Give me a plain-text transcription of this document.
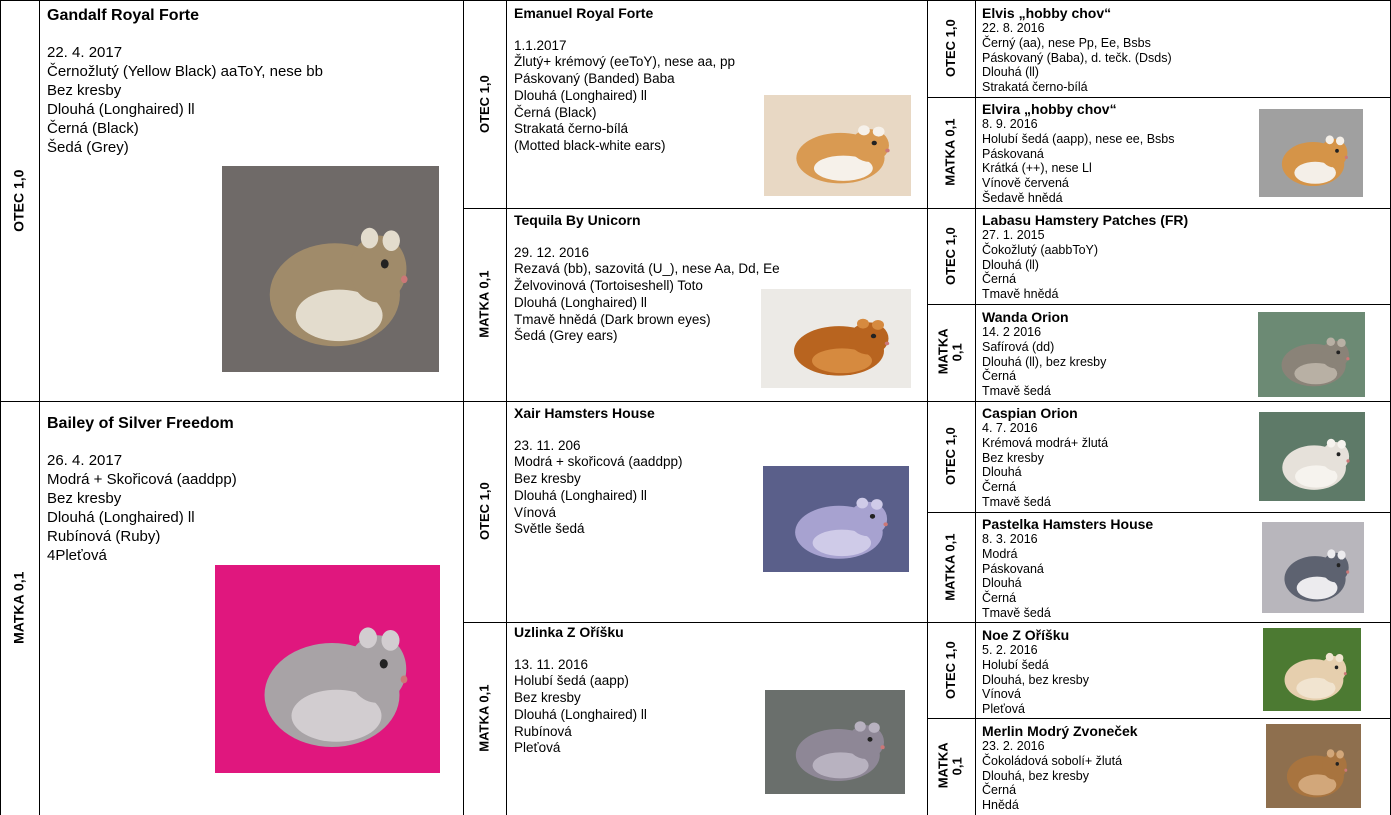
OTEC 1,0
MATKA 0,1
Gandalf Royal Forte
22. 4. 2017
Černožlutý (Yellow Black) aaToY, nese bb
Bez kresby
Dlouhá (Longhaired) ll
Černá (Black)
Šedá (Grey)
Bailey of Silver Freedom
26. 4. 2017
Modrá + Skořicová (aaddpp)
Bez kresby
Dlouhá (Longhaired) ll
Rubínová (Ruby)
4Pleťová
OTEC 1,0
MATKA 0,1
OTEC 1,0
MATKA 0,1
Emanuel Royal Forte
1.1.2017
Žlutý+ krémový (eeToY), nese aa, pp
Páskovaný (Banded) Baba
Dlouhá (Longhaired) ll
Černá (Black)
Strakatá černo-bílá
(Motted black-white ears)
Tequila By Unicorn
29. 12. 2016
Rezavá (bb), sazovitá (U_), nese Aa, Dd, Ee
Želvovinová (Tortoiseshell) Toto
Dlouhá (Longhaired) ll
Tmavě hnědá (Dark brown eyes)
Šedá (Grey ears)
Xair Hamsters House
23. 11. 206
Modrá + skořicová (aaddpp)
Bez kresby
Dlouhá (Longhaired) ll
Vínová
Světle šedá
Uzlinka Z Oříšku
13. 11. 2016
Holubí šedá (aapp)
Bez kresby
Dlouhá (Longhaired) ll
Rubínová
Pleťová
OTEC 1,0
MATKA 0,1
OTEC 1,0
MATKA 0,1
OTEC 1,0
MATKA 0,1
OTEC 1,0
MATKA 0,1
Elvis „hobby chov“
22. 8. 2016
Černý (aa), nese Pp, Ee, Bsbs
Páskovaný (Baba), d. tečk. (Dsds)
Dlouhá (ll)
Strakatá černo-bílá
Elvira „hobby chov“
8. 9. 2016
Holubí šedá (aapp), nese ee, Bsbs
Páskovaná
Krátká (++), nese Ll
Vínově červená
Šedavě hnědá
Labasu Hamstery Patches (FR)
27. 1. 2015
Čokožlutý (aabbToY)
Dlouhá (ll)
Černá
Tmavě hnědá
Wanda Orion
14. 2 2016
Safírová (dd)
Dlouhá (ll), bez kresby
Černá
Tmavě šedá
Caspian Orion
4. 7. 2016
Krémová modrá+ žlutá
Bez kresby
Dlouhá
Černá
Tmavě šedá
Pastelka Hamsters House
8. 3. 2016
Modrá
Páskovaná
Dlouhá
Černá
Tmavě šedá
Noe Z Oříšku
5. 2. 2016
Holubí šedá
Dlouhá, bez kresby
Vínová
Pleťová
Merlin Modrý Zvoneček
23. 2. 2016
Čokoládová sobolí+ žlutá
Dlouhá, bez kresby
Černá
Hnědá
